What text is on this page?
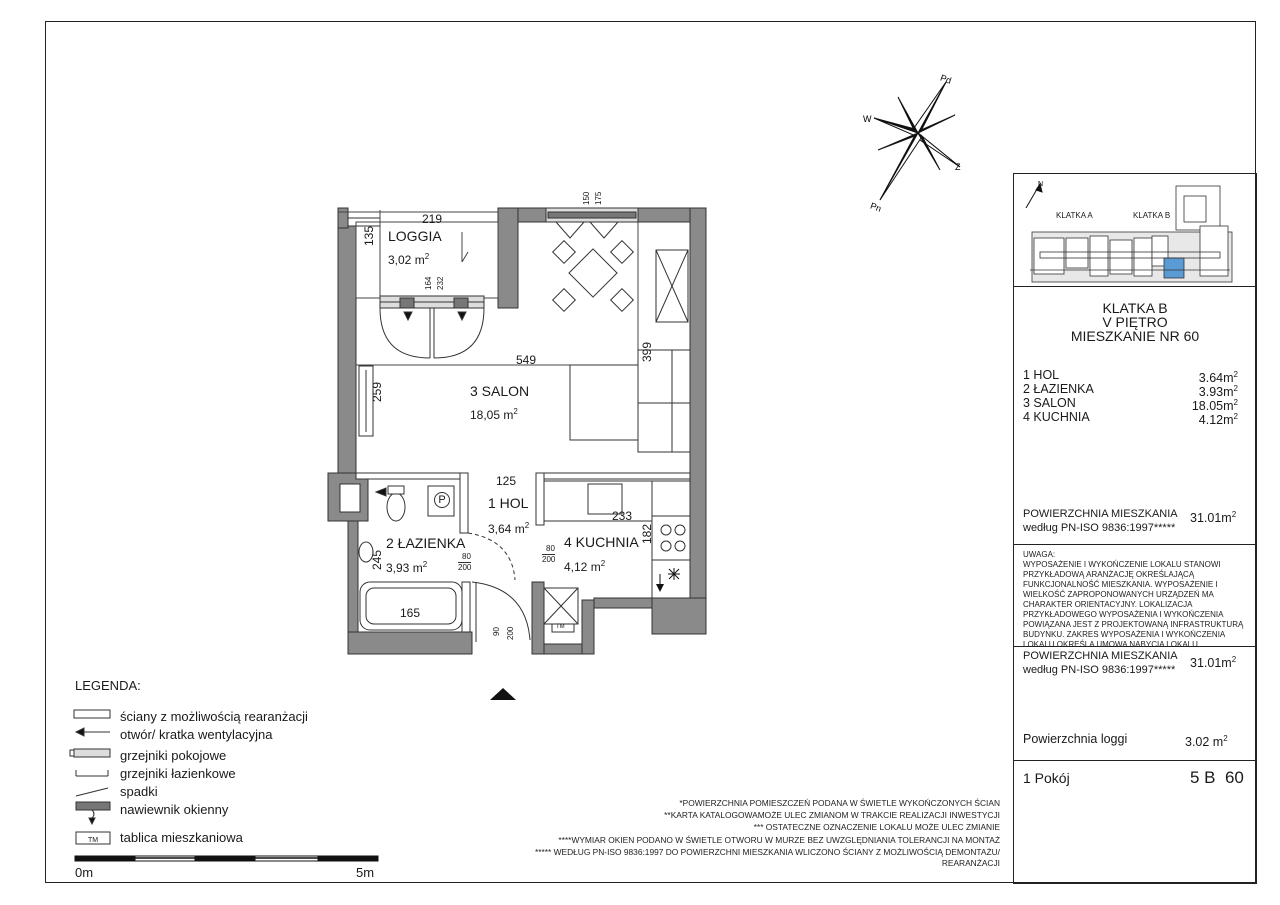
Pd
W
Z
Pn
N
LOGGIA
3,02 $m^2$
3 SALON
18,05 $m^2$
1 HOL
3,64 $m^2$
2 ŁAZIENKA
3,93 $m^2$
4 KUCHNIA
4,12 $m^2$
219
135
164 232
150 175
549
259
399
125
233
182
245
165
80
200
80
200
90 200
P
TM
LEGENDA:
ściany z możliwością rearanżacji
otwór/ kratka wentylacyjna
grzejniki pokojowe
grzejniki łazienkowe
spadki
nawiewnik okienny
TM tablica mieszkaniowa
0m	5m
*POWIERZCHNIA POMIESZCZEŃ PODANA W ŚWIETLE WYKOŃCZONYCH ŚCIAN
**KARTA KATALOGOWAMOŻE ULEC ZMIANOM W TRAKCIE REALIZACJI INWESTYCJI
*** OSTATECZNE OZNACZENIE LOKALU MOŻE ULEC ZMIANIE
****WYMIAR OKIEN PODANO W ŚWIETLE OTWORU W MURZE BEZ UWZGLĘDNIANIA TOLERANCJI NA MONTAŻ
***** WEDŁUG PN-ISO 9836:1997 DO POWIERZCHNI MIESZKANIA WLICZONO ŚCIANY Z MOŻLIWOŚCIĄ DEMONTAŻU/
REARANŻACJI
KLATKA A	KLATKA B
KLATKA B
V PIĘTRO
MIESZKANIE NR 60
1 HOL	$3.64m^2$
2 ŁAZIENKA	$3.93m^2$
3 SALON	$18.05m^2$
4 KUCHNIA	$4.12m^2$
POWIERZCHNIA MIESZKANIA
według PN-ISO 9836:1997*****
$31.01m^2$
UWAGA:
WYPOSAŻENIE I WYKOŃCZENIE LOKALU STANOWI PRZYKŁADOWĄ ARANŻACJĘ OKREŚLAJĄCĄ FUNKCJONALNOŚĆ MIESZKANIA. WYPOSAŻENIE I WIELKOŚĆ ZAPROPONOWANYCH URZĄDZEŃ MA CHARAKTER ORIENTACYJNY. LOKALIZACJA PRZYKŁADOWEGO WYPOSAŻENIA I WYKOŃCZENIA POWIĄZANA JEST Z PROJEKTOWANĄ INFRASTRUKTURĄ BUDYNKU. ZAKRES WYPOSAŻENIA I WYKOŃCZENIA LOKALU OKREŚLA UMOWA NABYCIA LOKALU.
POWIERZCHNIA MIESZKANIA
według PN-ISO 9836:1997***** $31.01m^2$
Powierzchnia loggi	3.02 $m^2$
1 Pokój	5 B  60
